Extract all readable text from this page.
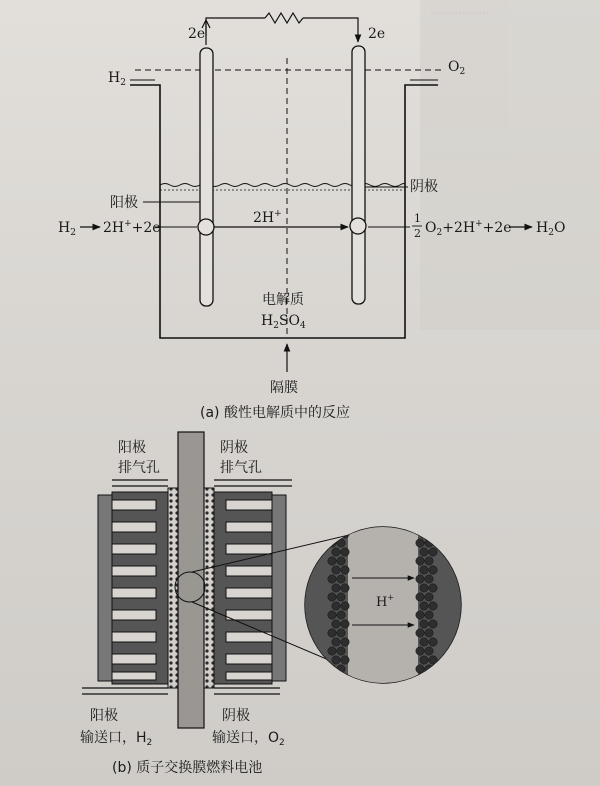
.................
2e	2e
$H_2$
$O_2$
阳极
阴极
2H+
$H_2$ 2H++2e
1
2 $O_2+2H^++2e$ $H_2O$
电解质
$H_2SO_4$
隔膜
(a) 酸性电解质中的反应
阳极
排气孔
阴极
排气孔
H+
阳极
输送口，$H_2$
阴极
输送口，$O_2$
(b) 质子交换膜燃料电池
